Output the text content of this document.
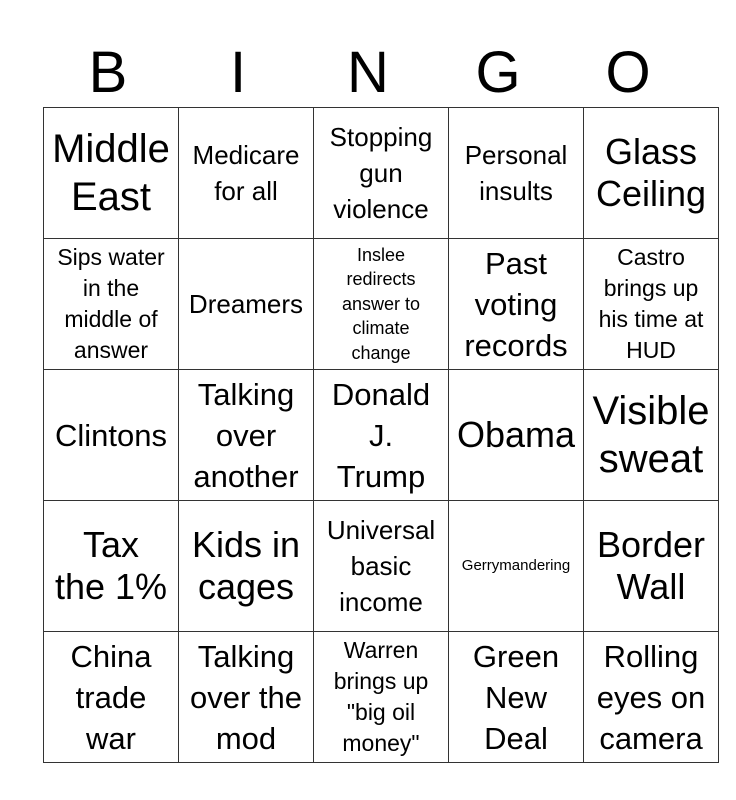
B	I	N	G	O
Middle
East	Medicare
for all	Stopping
gun
violence	Personal
insults	Glass
Ceiling

Sips water
in the
middle of
answer	Dreamers	Inslee
redirects
answer to
climate
change	Past
voting
records	Castro
brings up
his time at
HUD

Clintons	Talking
over
another	Donald
J.
Trump	Obama	Visible
sweat

Tax
the 1%	Kids in
cages	Universal
basic
income	Gerrymandering	Border
Wall

China
trade
war	Talking
over the
mod	Warren
brings up
"big oil
money"	Green
New
Deal	Rolling
eyes on
camera
